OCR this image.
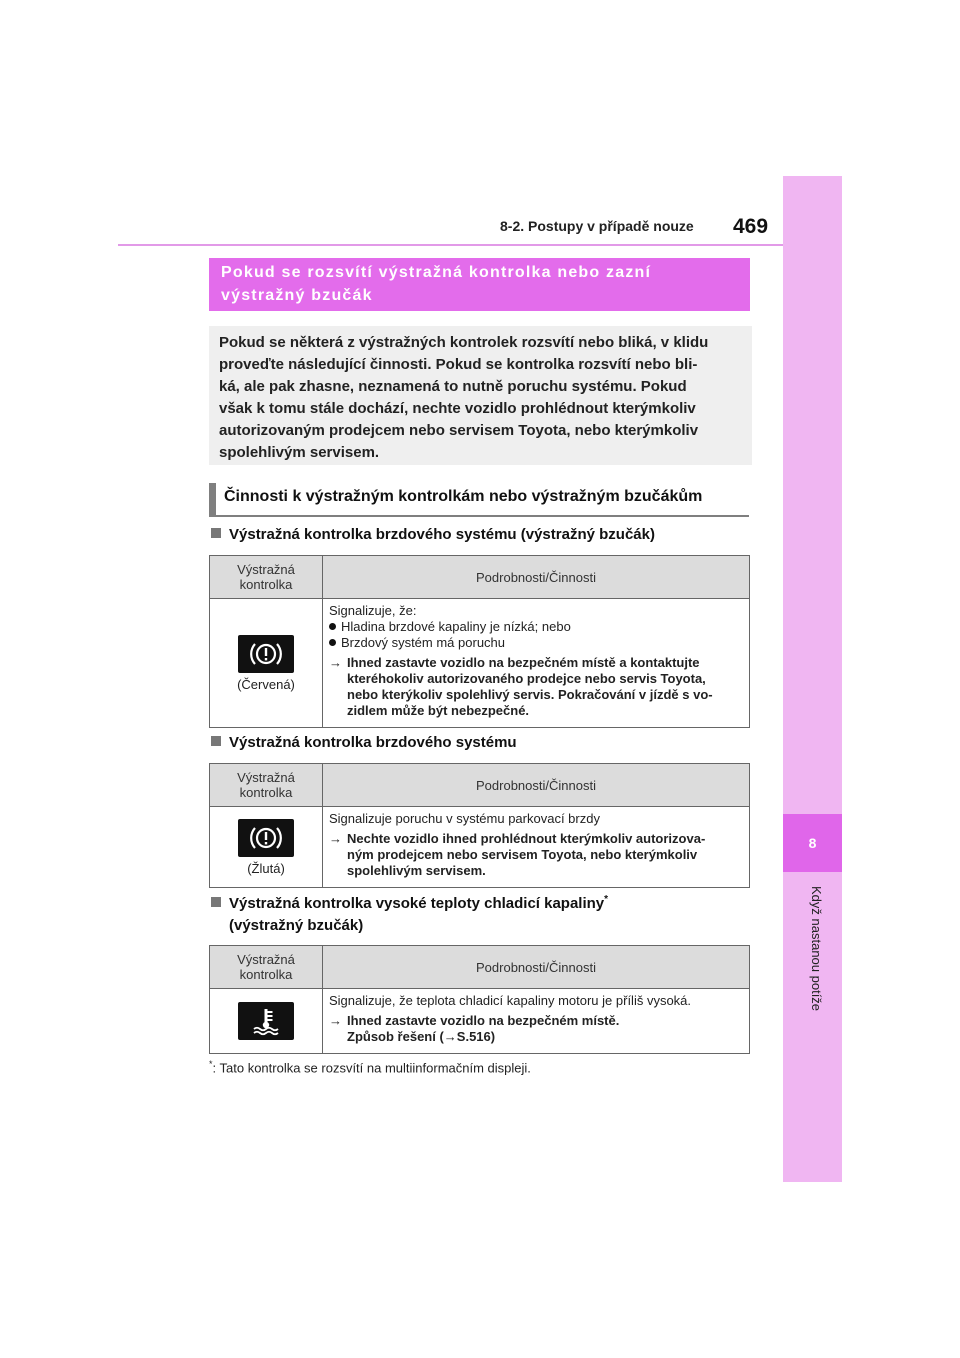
8-2. Postupy v případě nouze 469
8
Když nastanou potíže
Pokud se rozsvítí výstražná kontrolka nebo zazní
výstražný bzučák
Pokud se některá z výstražných kontrolek rozsvítí nebo bliká, v klidu
proveďte následující činnosti. Pokud se kontrolka rozsvítí nebo bli-
ká, ale pak zhasne, neznamená to nutně poruchu systému. Pokud
však k tomu stále dochází, nechte vozidlo prohlédnout kterýmkoliv
autorizovaným prodejcem nebo servisem Toyota, nebo kterýmkoliv
spolehlivým servisem.
Činnosti k výstražným kontrolkám nebo výstražným bzučákům
Výstražná kontrolka brzdového systému (výstražný bzučák)
Výstražná
kontrolka	Podrobnosti/Činnosti
(Červená)
Signalizuje, že:
Hladina brzdové kapaliny je nízká; nebo
Brzdový systém má poruchu
→ Ihned zastavte vozidlo na bezpečném místě a kontaktujte
kteréhokoliv autorizovaného prodejce nebo servis Toyota,
nebo kterýkoliv spolehlivý servis. Pokračování v jízdě s vo-
zidlem může být nebezpečné.
Výstražná kontrolka brzdového systému
Výstražná
kontrolka	Podrobnosti/Činnosti
(Žlutá)
Signalizuje poruchu v systému parkovací brzdy
→ Nechte vozidlo ihned prohlédnout kterýmkoliv autorizova-
ným prodejcem nebo servisem Toyota, nebo kterýmkoliv
spolehlivým servisem.
Výstražná kontrolka vysoké teploty chladicí kapaliny*
(výstražný bzučák)
Výstražná
kontrolka	Podrobnosti/Činnosti
Signalizuje, že teplota chladicí kapaliny motoru je příliš vysoká.
→ Ihned zastavte vozidlo na bezpečném místě.
Způsob řešení (→S.516)
*: Tato kontrolka se rozsvítí na multiinformačním displeji.
